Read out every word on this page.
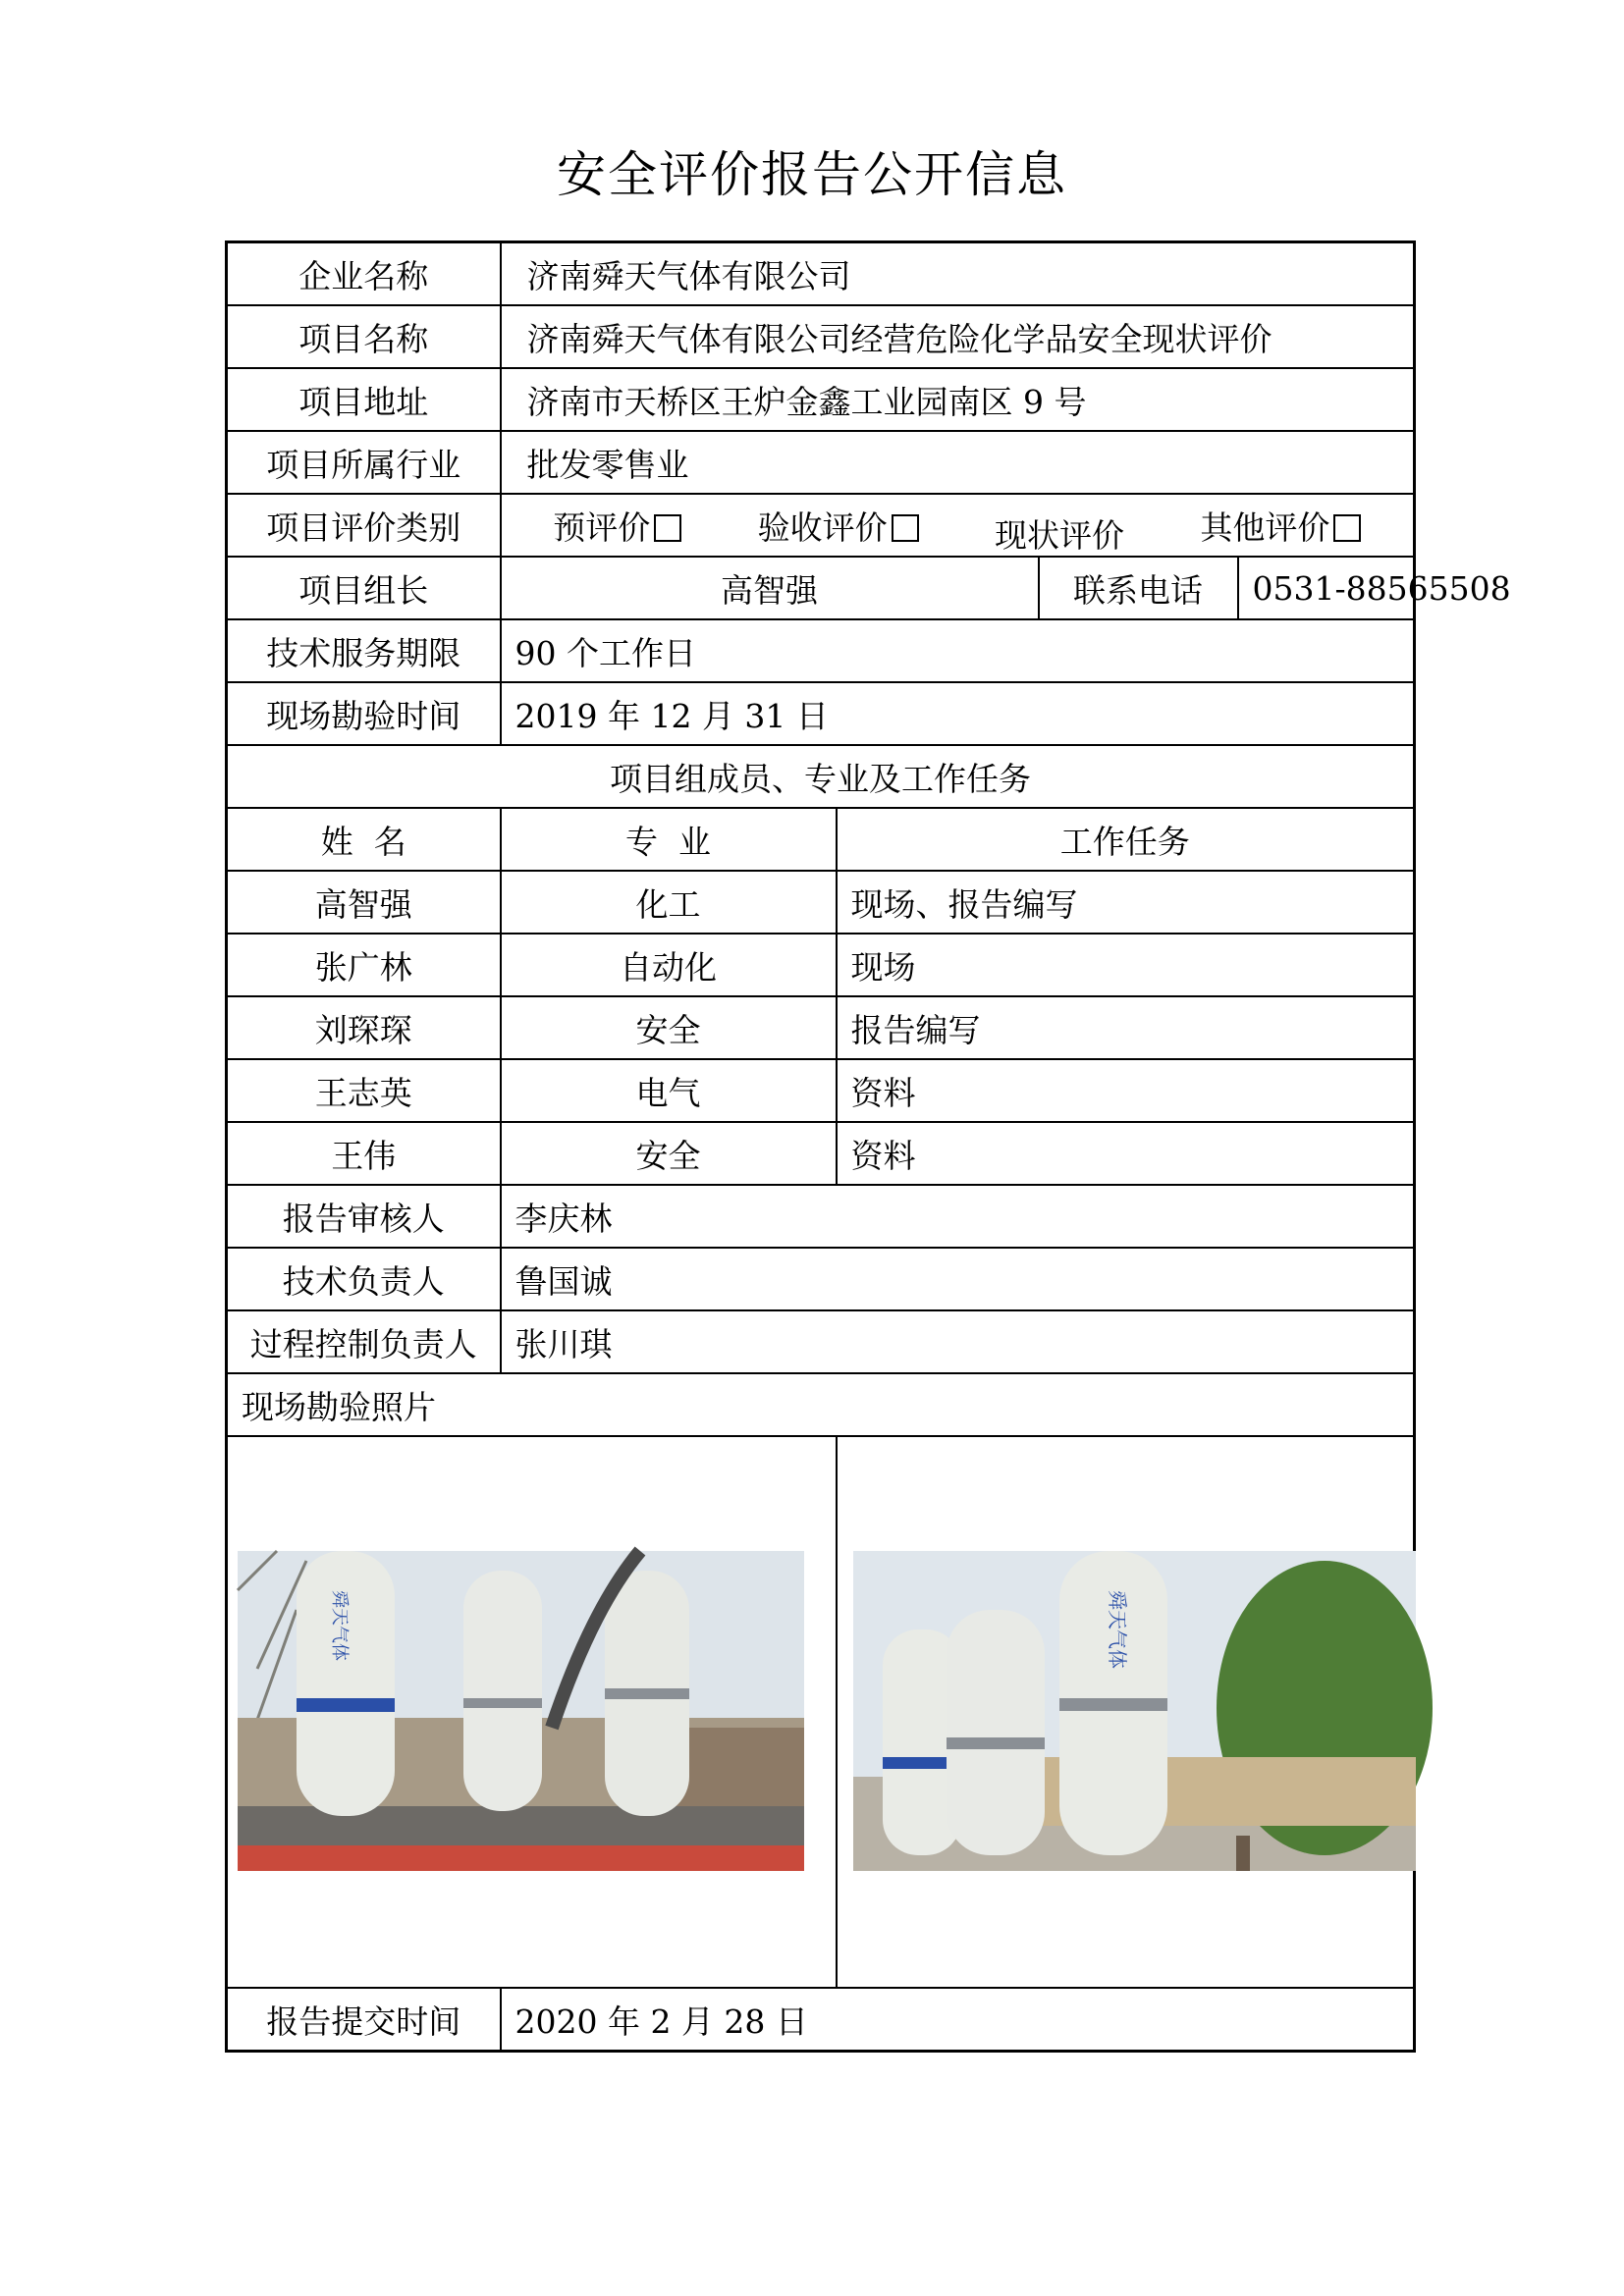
安全评价报告公开信息
企业名称	济南舜天气体有限公司			
项目名称	济南舜天气体有限公司经营危险化学品安全现状评价			
项目地址	济南市天桥区王炉金鑫工业园南区 9 号			
项目所属行业	批发零售业			
项目评价类别	预评价 验收评价 现状评价 其他评价			

项目组长	高智强		联系电话	0531-88565508
技术服务期限	90 个工作日			
现场勘验时间	2019 年 12 月 31 日			
项目组成员、专业及工作任务				
姓  名	专  业	工作任务		
高智强	化工	现场、报告编写		
张广林	自动化	现场		
刘琛琛	安全	报告编写		
王志英	电气	资料		
王伟	安全	资料		
报告审核人	李庆林			
技术负责人	鲁国诚			
过程控制负责人	张川琪			
现场勘验照片				

舜天气体		舜天气体		

报告提交时间	2020 年 2 月 28 日			
